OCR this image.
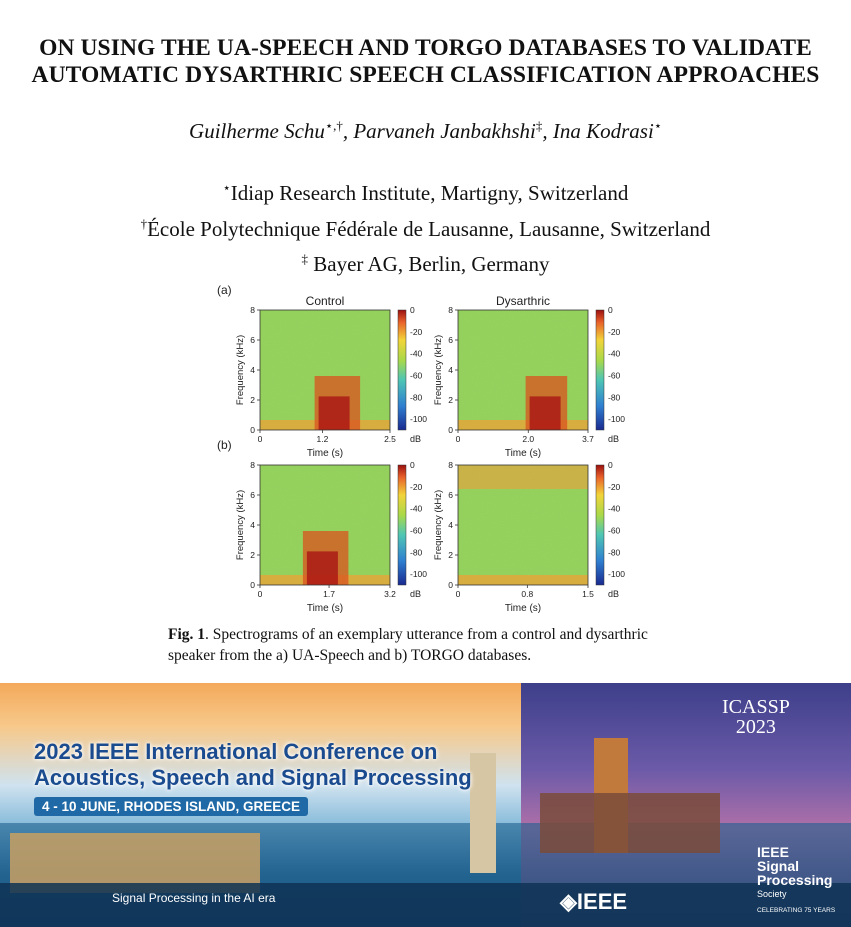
ON USING THE UA-SPEECH AND TORGO DATABASES TO VALIDATE
AUTOMATIC DYSARTHRIC SPEECH CLASSIFICATION APPROACHES
Guilherme Schu⋆,†, Parvaneh Janbakhshi‡, Ina Kodrasi⋆
⋆Idiap Research Institute, Martigny, Switzerland
†École Polytechnique Fédérale de Lausanne, Lausanne, Switzerland
‡ Bayer AG, Berlin, Germany
(a)
Control
0
2
4
6
8
0	1.2	2.5
Time (s)
Frequency (kHz)
0
-20
-40
-60
-80
-100
dB
Dysarthric
0
2
4
6
8
0	2.0	3.7
Time (s)
Frequency (kHz)
0
-20
-40
-60
-80
-100
dB
(b)
0
2
4
6
8
0	1.7	3.2
Time (s)
Frequency (kHz)
0
-20
-40
-60
-80
-100
dB
0
2
4
6
8
0	0.8	1.5
Time (s)
Frequency (kHz)
0
-20
-40
-60
-80
-100
dB
Fig. 1. Spectrograms of an exemplary utterance from a control and dysarthric speaker from the a) UA-Speech and b) TORGO databases.
2023 IEEE International Conference on
Acoustics, Speech and Signal Processing
4 - 10 JUNE, RHODES ISLAND, GREECE
Signal Processing in the AI era	◈IEEE
ICASSP
2023
IEEE
Signal
Processing
Society
CELEBRATING 75 YEARS
